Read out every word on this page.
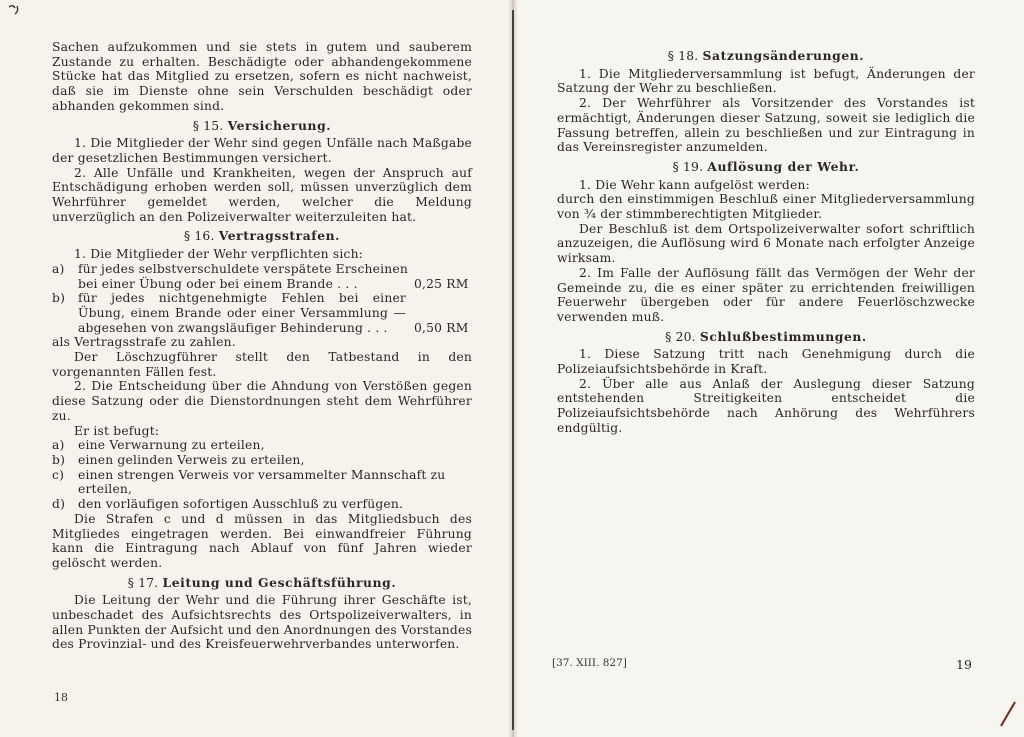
Sachen aufzukommen und sie stets in gutem und sauberem Zustande zu erhalten. Beschädigte oder abhandengekommene Stücke hat das Mitglied zu ersetzen, sofern es nicht nachweist, daß sie im Dienste ohne sein Verschulden beschädigt oder abhanden gekommen sind.

§ 15. Versicherung.

1. Die Mitglieder der Wehr sind gegen Unfälle nach Maßgabe der gesetzlichen Bestimmungen versichert.

2. Alle Unfälle und Krankheiten, wegen der Anspruch auf Entschädigung erhoben werden soll, müssen unverzüglich dem Wehrführer gemeldet werden, welcher die Meldung unverzüglich an den Polizeiverwalter weiterzuleiten hat.

§ 16. Vertragsstrafen.

1. Die Mitglieder der Wehr verpflichten sich:

a)	für jedes selbstverschuldete verspätete Erscheinen
bei einer Übung oder bei einem Brande . . .	0,25 RM
b)	für jedes nichtgenehmigte Fehlen bei einer Übung, einem Brande oder einer Versammlung — abgesehen von zwangsläufiger Behinderung . . .	0,50 RM

als Vertragsstrafe zu zahlen.

Der Löschzugführer stellt den Tatbestand in den vorgenannten Fällen fest.

2. Die Entscheidung über die Ahndung von Verstößen gegen diese Satzung oder die Dienstordnungen steht dem Wehrführer zu.

Er ist befugt:

a)	eine Verwarnung zu erteilen,
b)	einen gelinden Verweis zu erteilen,
c)	einen strengen Verweis vor versammelter Mannschaft zu erteilen,
d)	den vorläufigen sofortigen Ausschluß zu verfügen.

Die Strafen c und d müssen in das Mitgliedsbuch des Mitgliedes eingetragen werden. Bei einwandfreier Führung kann die Eintragung nach Ablauf von fünf Jahren wieder gelöscht werden.

§ 17. Leitung und Geschäftsführung.

Die Leitung der Wehr und die Führung ihrer Geschäfte ist, unbeschadet des Aufsichtsrechts des Ortspolizeiverwalters, in allen Punkten der Aufsicht und den Anordnungen des Vorstandes des Provinzial- und des Kreisfeuerwehrverbandes unterworfen.

18
§ 18. Satzungsänderungen.

1. Die Mitgliederversammlung ist befugt, Änderungen der Satzung der Wehr zu beschließen.

2. Der Wehrführer als Vorsitzender des Vorstandes ist ermächtigt, Änderungen dieser Satzung, soweit sie lediglich die Fassung betreffen, allein zu beschließen und zur Eintragung in das Vereinsregister anzumelden.

§ 19. Auflösung der Wehr.

1. Die Wehr kann aufgelöst werden:

durch den einstimmigen Beschluß einer Mitgliederversammlung von ¾ der stimmberechtigten Mitglieder.

Der Beschluß ist dem Ortspolizeiverwalter sofort schriftlich anzuzeigen, die Auflösung wird 6 Monate nach erfolgter Anzeige wirksam.

2. Im Falle der Auflösung fällt das Vermögen der Wehr der Gemeinde zu, die es einer später zu errichtenden freiwilligen Feuerwehr übergeben oder für andere Feuerlöschzwecke verwenden muß.

§ 20. Schlußbestimmungen.

1. Diese Satzung tritt nach Genehmigung durch die Polizeiaufsichtsbehörde in Kraft.

2. Über alle aus Anlaß der Auslegung dieser Satzung entstehenden Streitigkeiten entscheidet die Polizeiaufsichtsbehörde nach Anhörung des Wehrführers endgültig.

[37. XIII. 827]	19
